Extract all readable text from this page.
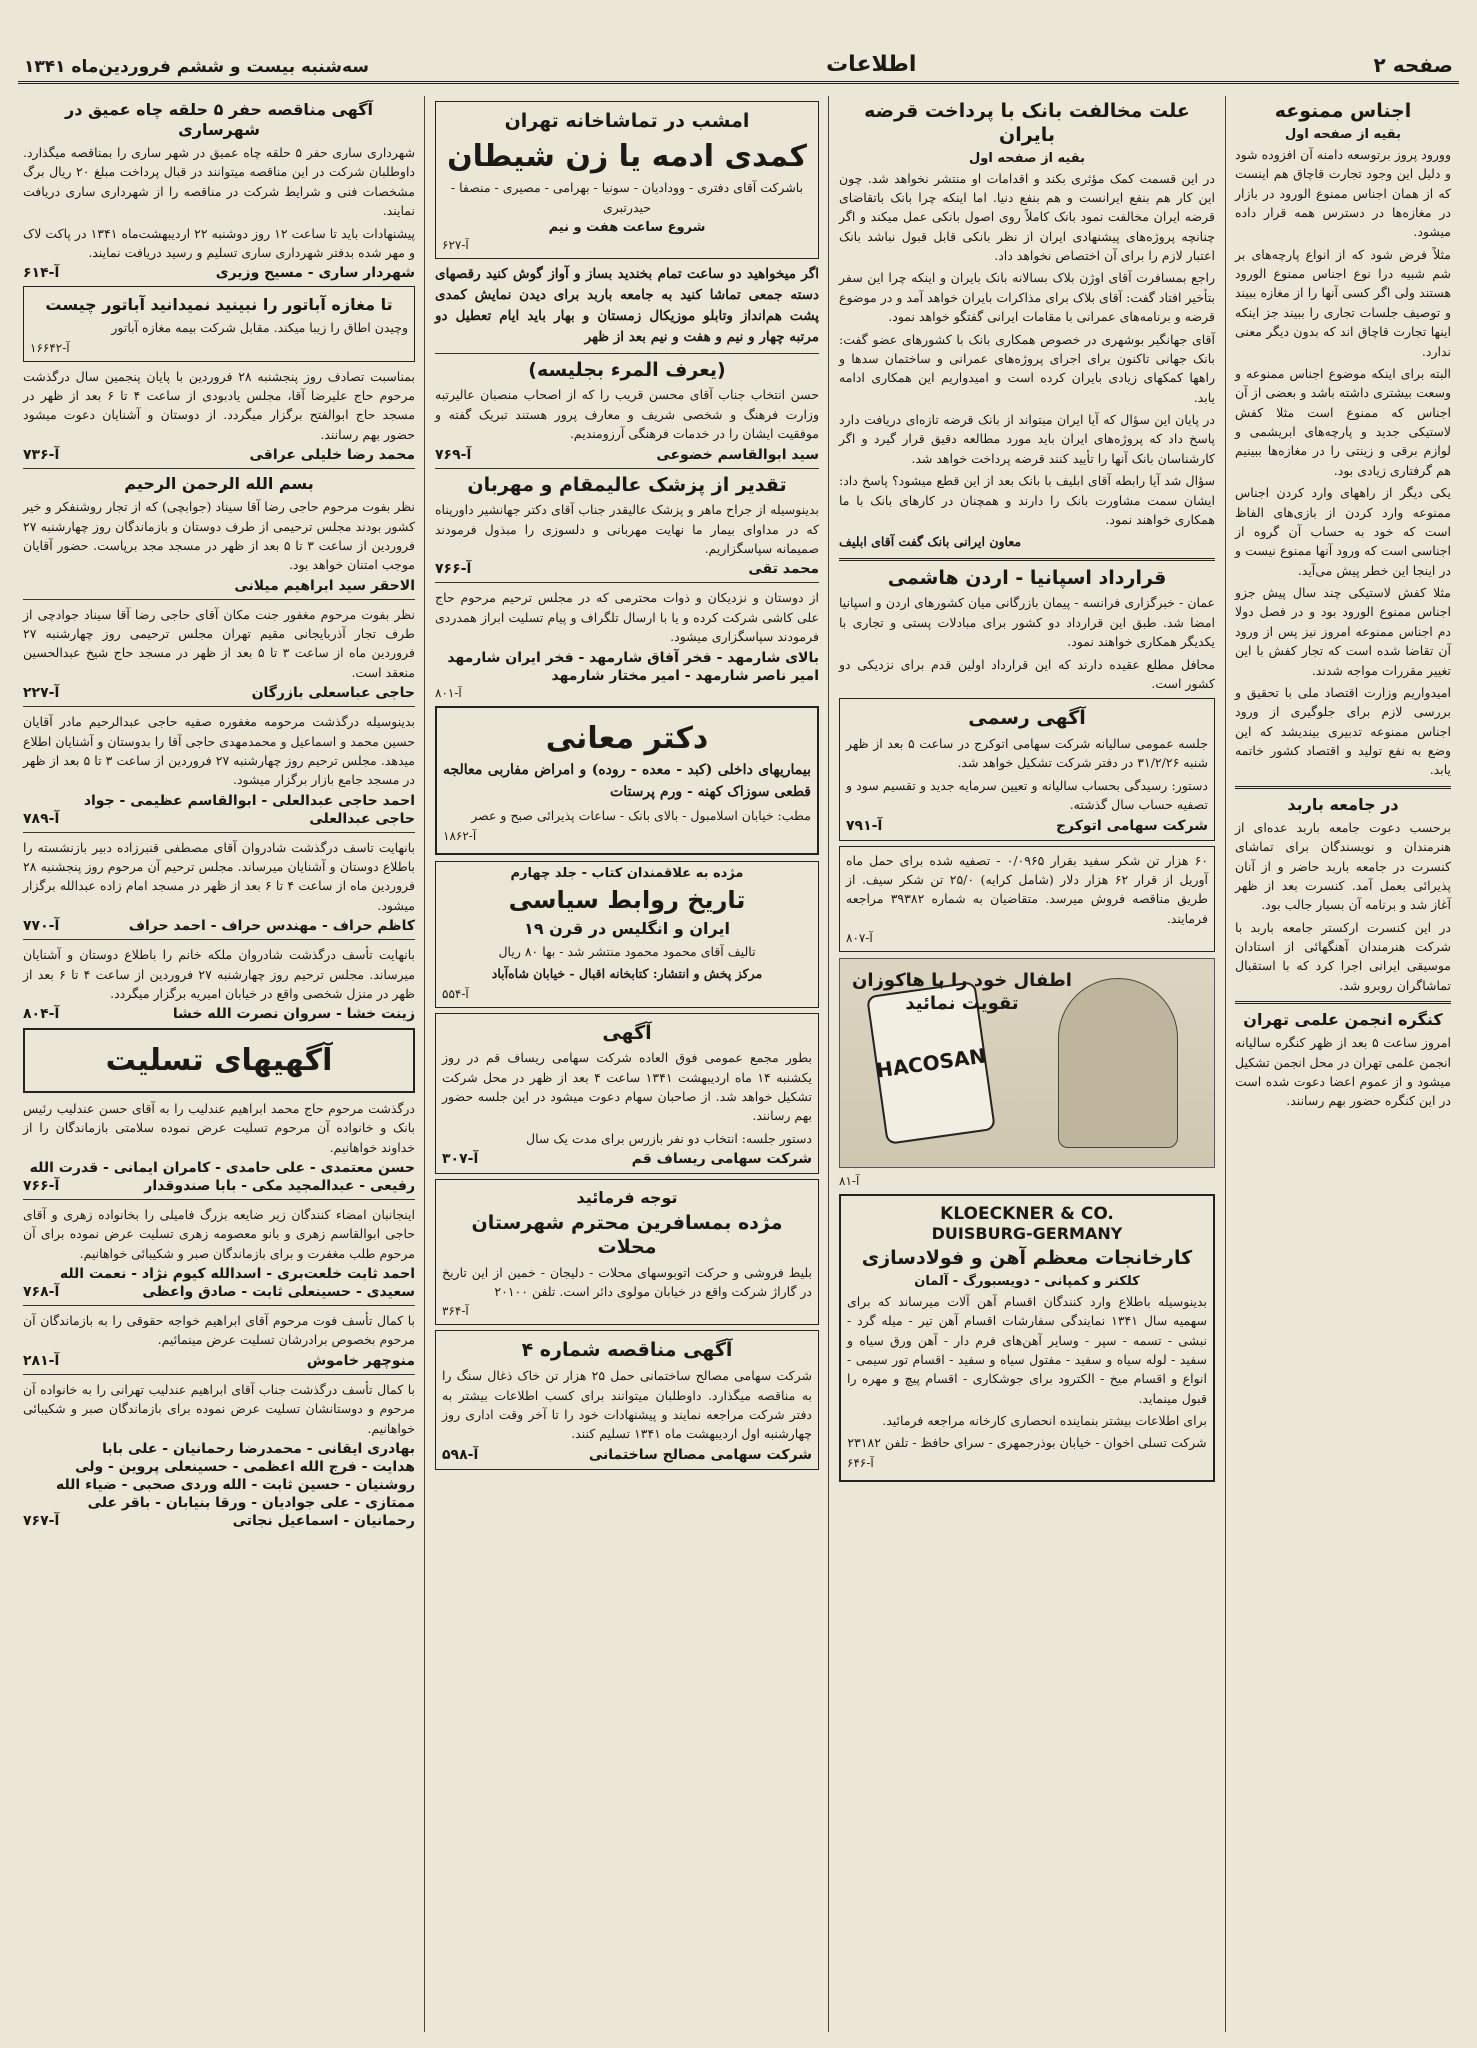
صفحه ۲
اطلاعات
سه‌شنبه بیست و ششم فروردین‌ماه ۱۳۴۱
اجناس ممنوعه
بقیه از صفحه اول

وورود پروز برتوسعه دامنه آن افزوده شود و دلیل این وجود تجارت قاچاق هم اینست که از همان اجناس ممنوع الورود در بازار در مغازه‌ها در دسترس همه قرار داده میشود.

مثلاً فرض شود که از انواع پارچه‌های بر شم شبیه درا نوع اجناس ممنوع الورود هستند ولی اگر کسی آنها را از مغازه ببیند و توصیف جلسات تجاری را ببیند جز اینکه اینها تجارت قاچاق اند که بدون دیگر معنی ندارد.

البته برای اینکه موضوع اجناس ممنوعه و وسعت بیشتری داشته باشد و بعضی از آن اجناس که ممنوع است مثلا کفش لاستیکی جدید و پارچه‌های ابریشمی و لوازم برقی و زینتی را در مغازه‌ها ببینیم هم گرفتاری زیادی بود.

یکی دیگر از راههای وارد کردن اجناس ممنوعه وارد کردن از بازی‌های الفاظ است که خود به حساب آن گروه از اجناسی است که ورود آنها ممنوع نیست و در اینجا این خطر پیش می‌آید.

مثلا کفش لاستیکی چند سال پیش جزو اجناس ممنوع الورود بود و در فصل دولا دم اجناس ممنوعه امروز نیز پس از ورود آن تقاضا شده است که تجار کفش با این تغییر مقررات مواجه شدند.

امیدواریم وزارت اقتصاد ملی با تحقیق و بررسی لازم برای جلوگیری از ورود اجناس ممنوعه تدبیری بیندیشد که این وضع به نفع تولید و اقتصاد کشور خاتمه یابد.

در جامعه باربد

برحسب دعوت جامعه باربد عده‌ای از هنرمندان و نویسندگان برای تماشای کنسرت در جامعه باربد حاضر و از آنان پذیرائی بعمل آمد. کنسرت بعد از ظهر آغاز شد و برنامه آن بسیار جالب بود.

در این کنسرت ارکستر جامعه باربد با شرکت هنرمندان آهنگهائی از استادان موسیقی ایرانی اجرا کرد که با استقبال تماشاگران روبرو شد.

کنگره انجمن علمی تهران

امروز ساعت ۵ بعد از ظهر کنگره سالیانه انجمن علمی تهران در محل انجمن تشکیل میشود و از عموم اعضا دعوت شده است در این کنگره حضور بهم رسانند.

علت مخالفت بانک با پرداخت قرضه بایران
بقیه از صفحه اول

در این قسمت کمک مؤثری بکند و اقدامات او منتشر نخواهد شد. چون این کار هم بنفع ایرانست و هم بنفع دنیا. اما اینکه چرا بانک باتقاضای قرضه ایران مخالفت نمود بانک کاملاً روی اصول بانکی عمل میکند و اگر چنانچه پروژه‌های پیشنهادی ایران از نظر بانکی قابل قبول نباشد بانک اعتبار لازم را برای آن اختصاص نخواهد داد.

راجع بمسافرت آقای اوژن بلاک بسالانه بانک بایران و اینکه چرا این سفر بتأخیر افتاد گفت: آقای بلاک برای مذاکرات بایران خواهد آمد و در موضوع قرضه و برنامه‌های عمرانی با مقامات ایرانی گفتگو خواهد نمود.

آقای جهانگیر بوشهری در خصوص همکاری بانک با کشورهای عضو گفت: بانک جهانی تاکنون برای اجرای پروژه‌های عمرانی و ساختمان سدها و راهها کمکهای زیادی بایران کرده است و امیدواریم این همکاری ادامه یابد.

در پایان این سؤال که آیا ایران میتواند از بانک قرضه تازه‌ای دریافت دارد پاسخ داد که پروژه‌های ایران باید مورد مطالعه دقیق قرار گیرد و اگر کارشناسان بانک آنها را تأیید کنند قرضه پرداخت خواهد شد.

سؤال شد آیا رابطه آقای ابلیف با بانک بعد از این قطع میشود؟ پاسخ داد: ایشان سمت مشاورت بانک را دارند و همچنان در کارهای بانک با ما همکاری خواهند نمود.

معاون ایرانی بانک گفت آقای ابلیف

قرارداد اسپانیا - اردن هاشمی

عمان - خبرگزاری فرانسه - پیمان بازرگانی میان کشورهای اردن و اسپانیا امضا شد. طبق این قرارداد دو کشور برای مبادلات پستی و تجاری با یکدیگر همکاری خواهند نمود.

محافل مطلع عقیده دارند که این قرارداد اولین قدم برای نزدیکی دو کشور است.

آگهی رسمی

جلسه عمومی سالیانه شرکت سهامی اتوکرج در ساعت ۵ بعد از ظهر شنبه ۳۱/۲/۲۶ در دفتر شرکت تشکیل خواهد شد.

دستور: رسیدگی بحساب سالیانه و تعیین سرمایه جدید و تقسیم سود و تصفیه حساب سال گذشته.

شرکت سهامی اتوکرج
آ-۷۹۱

۶۰ هزار تن شکر سفید بقرار ۰/۰۹۶۵ - تصفیه شده برای حمل ماه آوریل از قرار ۶۲ هزار دلار (شامل کرایه) ۲۵/۰ تن شکر سیف. از طریق مناقصه فروش میرسد. متقاضیان به شماره ۳۹۳۸۲ مراجعه فرمایند.

آ-۸۰۷
HACOSAN
اطفال خود را با هاکوزان تقویت نمائید
آ-۸۱
KLOECKNER & CO.
DUISBURG-GERMANY
کارخانجات معظم آهن و فولادسازی
کلکنر و کمپانی - دویسبورگ - آلمان

بدینوسیله باطلاع وارد کنندگان اقسام آهن آلات میرساند که برای سهمیه سال ۱۳۴۱ نمایندگی سفارشات اقسام آهن تیر - میله گرد - نبشی - تسمه - سپر - وسایر آهن‌های فرم دار - آهن ورق سیاه و سفید - لوله سیاه و سفید - مفتول سیاه و سفید - اقسام تور سیمی - انواع و اقسام میخ - الکترود برای جوشکاری - اقسام پیچ و مهره را قبول مینماید.

برای اطلاعات بیشتر بنماینده انحصاری کارخانه مراجعه فرمائید.

شرکت تسلی اخوان - خیابان بوذرجمهری - سرای حافظ - تلفن ۲۳۱۸۲

آ-۶۴۶
امشب در تماشاخانه تهران
کمدی ادمه یا زن شیطان

باشرکت آقای دفتری - وودادیان - سونیا - بهرامی - مصیری - منصفا - حیدرتبری

شروع ساعت هفت و نیم
آ-۶۲۷

اگر میخواهید دو ساعت تمام بخندید بساز و آواز گوش کنید رقصهای دسته جمعی تماشا کنید به جامعه باربد برای دیدن نمایش کمدی پشت هم‌انداز وتابلو موزیکال زمستان و بهار باید ایام تعطیل دو مرتبه چهار و نیم و هفت و نیم بعد از ظهر

(یعرف المرء بجلیسه)

حسن انتخاب جناب آقای محسن قریب را که از اصحاب منصبان عالیرتبه وزارت فرهنگ و شخصی شریف و معارف پرور هستند تبریک گفته و موفقیت ایشان را در خدمات فرهنگی آرزومندیم.

سید ابوالقاسم خضوعی
آ-۷۶۹
تقدیر از پزشک عالیمقام و مهربان

بدینوسیله از جراح ماهر و پزشک عالیقدر جناب آقای دکتر جهانشیر داورپناه که در مداوای بیمار ما نهایت مهربانی و دلسوزی را مبذول فرمودند صمیمانه سپاسگزاریم.

محمد تقی
آ-۷۶۶

از دوستان و نزدیکان و ذوات محترمی که در مجلس ترحیم مرحوم حاج علی کاشی شرکت کرده و یا با ارسال تلگراف و پیام تسلیت ابراز همدردی فرمودند سپاسگزاری میشود.

بالای شارمهد - فخر آفاق شارمهد - فخر ایران شارمهد
امیر ناصر شارمهد - امیر مختار شارمهد
آ-۸۰۱
دکتر معانی

بیماریهای داخلی (کبد - معده - روده) و امراض مفاربی معالجه قطعی سوزاک کهنه - ورم پرستات

مطب: خیابان اسلامبول - بالای بانک - ساعات پذیرائی صبح و عصر

آ-۱۸۶۲
مژده به علاقمندان کتاب - جلد چهارم
تاریخ روابط سیاسی
ایران و انگلیس در قرن ۱۹

تالیف آقای محمود محمود منتشر شد - بها ۸۰ ریال

مرکز پخش و انتشار: کتابخانه اقبال - خیابان شاه‌آباد

آ-۵۵۴
آگهی

بطور مجمع عمومی فوق العاده شرکت سهامی ریساف قم در روز یکشنبه ۱۴ ماه اردیبهشت ۱۳۴۱ ساعت ۴ بعد از ظهر در محل شرکت تشکیل خواهد شد. از صاحبان سهام دعوت میشود در این جلسه حضور بهم رسانند.

دستور جلسه: انتخاب دو نفر بازرس برای مدت یک سال

شرکت سهامی ریساف قم
آ-۳۰۷
توجه فرمائید
مژده بمسافرین محترم شهرستان محلات

بلیط فروشی و حرکت اتوبوسهای محلات - دلیجان - خمین از این تاریخ در گاراژ شرکت واقع در خیابان مولوی دائر است. تلفن ۲۰۱۰۰

آ-۳۶۴
آگهی مناقصه شماره ۴

شرکت سهامی مصالح ساختمانی حمل ۲۵ هزار تن خاک ذغال سنگ را به مناقصه میگذارد. داوطلبان میتوانند برای کسب اطلاعات بیشتر به دفتر شرکت مراجعه نمایند و پیشنهادات خود را تا آخر وقت اداری روز چهارشنبه اول اردیبهشت ماه ۱۳۴۱ تسلیم کنند.

شرکت سهامی مصالح ساختمانی
آ-۵۹۸
آگهی مناقصه حفر ۵ حلقه چاه عمیق در شهرساری

شهرداری ساری حفر ۵ حلقه چاه عمیق در شهر ساری را بمناقصه میگذارد. داوطلبان شرکت در این مناقصه میتوانند در قبال پرداخت مبلغ ۲۰ ریال برگ مشخصات فنی و شرایط شرکت در مناقصه را از شهرداری ساری دریافت نمایند.

پیشنهادات باید تا ساعت ۱۲ روز دوشنبه ۲۲ اردیبهشت‌ماه ۱۳۴۱ در پاکت لاک و مهر شده بدفتر شهرداری ساری تسلیم و رسید دریافت نمایند.

شهردار ساری - مسیح وزیری
آ-۶۱۴
تا مغازه آباتور را نبینید نمیدانید آباتور چیست

وچیدن اطاق را زیبا میکند. مقابل شرکت بیمه مغازه آباتور

آ-۱۶۶۴۲

بمناسبت تصادف روز پنجشنبه ۲۸ فروردین با پایان پنجمین سال درگذشت مرحوم حاج علیرضا آقا، مجلس یادبودی از ساعت ۴ تا ۶ بعد از ظهر در مسجد حاج ابوالفتح برگزار میگردد. از دوستان و آشنایان دعوت میشود حضور بهم رسانند.

محمد رضا خلیلی عراقی
آ-۷۳۶
بسم الله الرحمن الرحیم

نظر بفوت مرحوم حاجی رضا آقا سیناد (جوابچی) که از تجار روشنفکر و خیر کشور بودند مجلس ترحیمی از طرف دوستان و بازماندگان روز چهارشنبه ۲۷ فروردین از ساعت ۳ تا ۵ بعد از ظهر در مسجد مجد برپاست. حضور آقایان موجب امتنان خواهد بود.

الاحقر سید ابراهیم میلانی

نظر بفوت مرحوم مغفور جنت مکان آقای حاجی رضا آقا سیناد جوادچی از طرف تجار آذربایجانی مقیم تهران مجلس ترحیمی روز چهارشنبه ۲۷ فروردین ماه از ساعت ۳ تا ۵ بعد از ظهر در مسجد حاج شیخ عبدالحسین منعقد است.

حاجی عباسعلی بازرگان
آ-۲۲۷

بدینوسیله درگذشت مرحومه مغفوره صفیه حاجی عبدالرحیم مادر آقایان حسین محمد و اسماعیل و محمدمهدی حاجی آقا را بدوستان و آشنایان اطلاع میدهد. مجلس ترحیم روز چهارشنبه ۲۷ فروردین از ساعت ۳ تا ۵ بعد از ظهر در مسجد جامع بازار برگزار میشود.

احمد حاجی عبدالعلی - ابوالقاسم عظیمی - جواد
حاجی عبدالعلی
آ-۷۸۹

بانهایت تاسف درگذشت شادروان آقای مصطفی قنبرزاده دبیر بازنشسته را باطلاع دوستان و آشنایان میرساند. مجلس ترحیم آن مرحوم روز پنجشنبه ۲۸ فروردین ماه از ساعت ۴ تا ۶ بعد از ظهر در مسجد امام زاده عبدالله برگزار میشود.

کاظم حراف - مهندس حراف - احمد حراف
آ-۷۷۰

بانهایت تأسف درگذشت شادروان ملکه خانم را باطلاع دوستان و آشنایان میرساند. مجلس ترحیم روز چهارشنبه ۲۷ فروردین از ساعت ۴ تا ۶ بعد از ظهر در منزل شخصی واقع در خیابان امیریه برگزار میگردد.

زینت خشا - سروان نصرت الله خشا
آ-۸۰۴
آگهیهای تسلیت

درگذشت مرحوم حاج محمد ابراهیم عندلیب را به آقای حسن عندلیب رئیس بانک و خانواده آن مرحوم تسلیت عرض نموده سلامتی بازماندگان را از خداوند خواهانیم.

حسن معتمدی - علی حامدی - کامران ایمانی - قدرت الله
رفیعی - عبدالمجید مکی - بابا صندوقدار
آ-۷۶۶

اینجانبان امضاء کنندگان زیر ضایعه بزرگ فامیلی را بخانواده زهری و آقای حاجی ابوالقاسم زهری و بانو معصومه زهری تسلیت عرض نموده برای آن مرحوم طلب مغفرت و برای بازماندگان صبر و شکیبائی خواهانیم.

احمد ثابت خلعت‌بری - اسدالله کیوم نژاد - نعمت الله
سعیدی - حسینعلی ثابت - صادق واعظی
آ-۷۶۸

با کمال تأسف فوت مرحوم آقای ابراهیم خواجه حقوقی را به بازماندگان آن مرحوم بخصوص برادرشان تسلیت عرض مینمائیم.

منوچهر خاموش
آ-۲۸۱

با کمال تأسف درگذشت جناب آقای ابراهیم عندلیب تهرانی را به خانواده آن مرحوم و دوستانشان تسلیت عرض نموده برای بازماندگان صبر و شکیبائی خواهانیم.

بهادری ایقانی - محمدرضا رحمانیان - علی بابا
هدایت - فرج الله اعظمی - حسینعلی پروین - ولی
روشنیان - حسین ثابت - الله وردی صحبی - ضیاء الله
ممتازی - علی جوادیان - ورقا بنیابان - باقر علی
رحمانیان - اسماعیل نجاتی
آ-۷۶۷
